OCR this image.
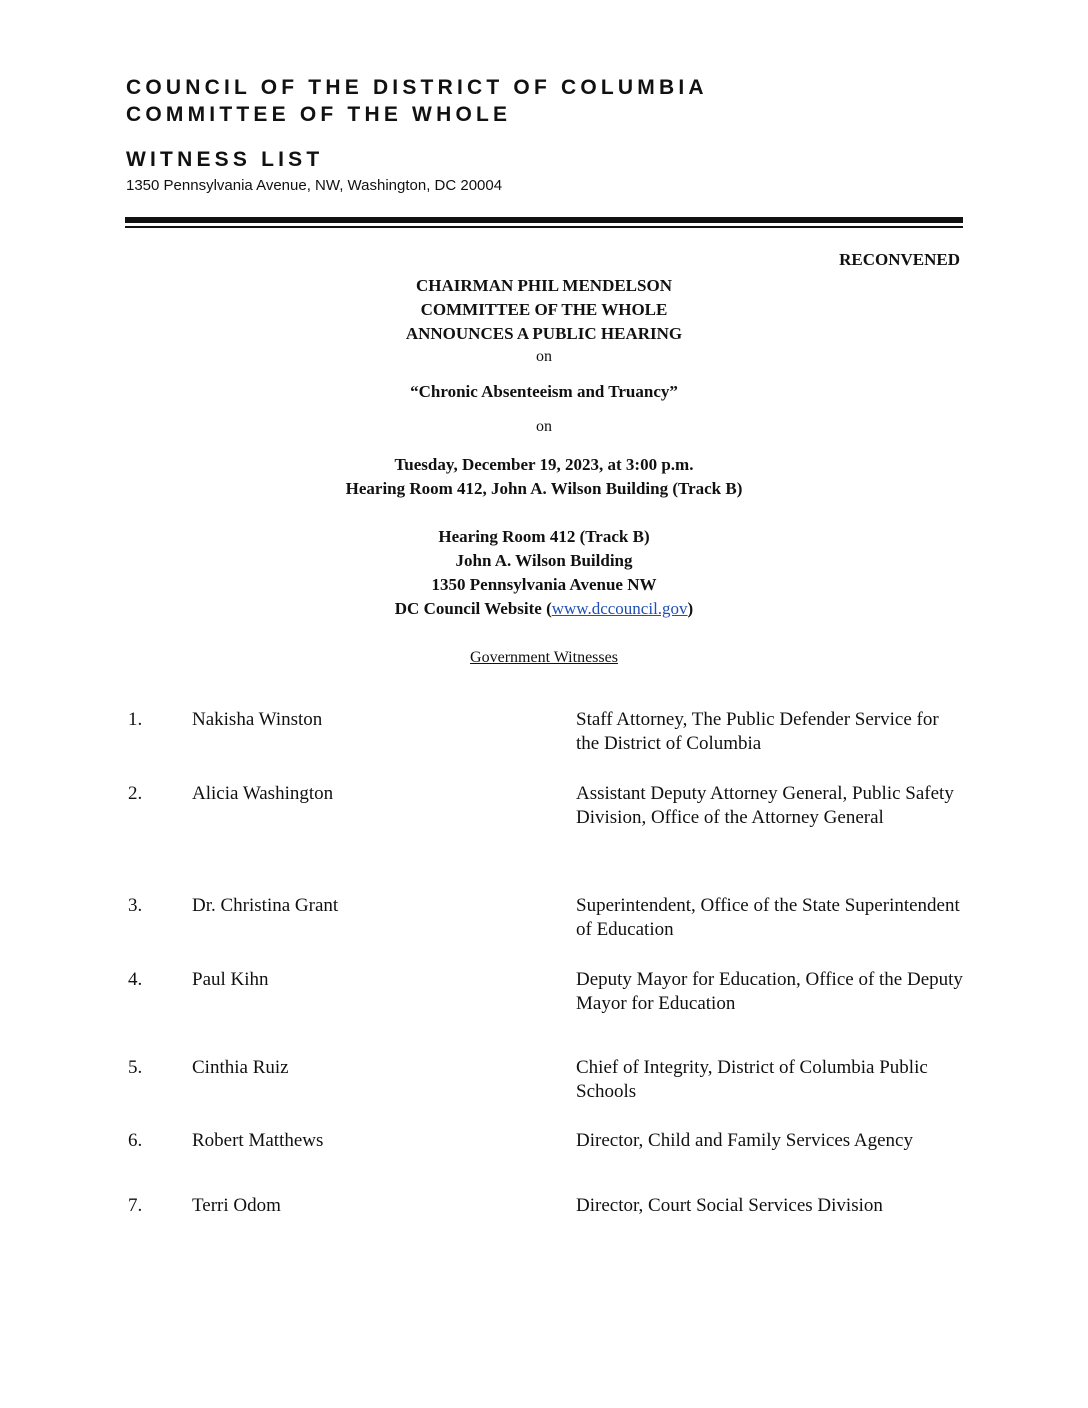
COUNCIL OF THE DISTRICT OF COLUMBIA
COMMITTEE OF THE WHOLE
WITNESS LIST
1350 Pennsylvania Avenue, NW, Washington, DC 20004
RECONVENED
CHAIRMAN PHIL MENDELSON
COMMITTEE OF THE WHOLE
ANNOUNCES A PUBLIC HEARING
on
“Chronic Absenteeism and Truancy”
on
Tuesday, December 19, 2023, at 3:00 p.m.
Hearing Room 412, John A. Wilson Building (Track B)
Hearing Room 412 (Track B)
John A. Wilson Building
1350 Pennsylvania Avenue NW
DC Council Website (www.dccouncil.gov)
Government Witnesses
1.	Nakisha Winston	Staff Attorney, The Public Defender Service for the District of Columbia
2.	Alicia Washington	Assistant Deputy Attorney General, Public Safety Division, Office of the Attorney General
3.	Dr. Christina Grant	Superintendent, Office of the State Superintendent of Education
4.	Paul Kihn	Deputy Mayor for Education, Office of the Deputy Mayor for Education
5.	Cinthia Ruiz	Chief of Integrity, District of Columbia Public Schools
6.	Robert Matthews	Director, Child and Family Services Agency
7.	Terri Odom	Director, Court Social Services Division
